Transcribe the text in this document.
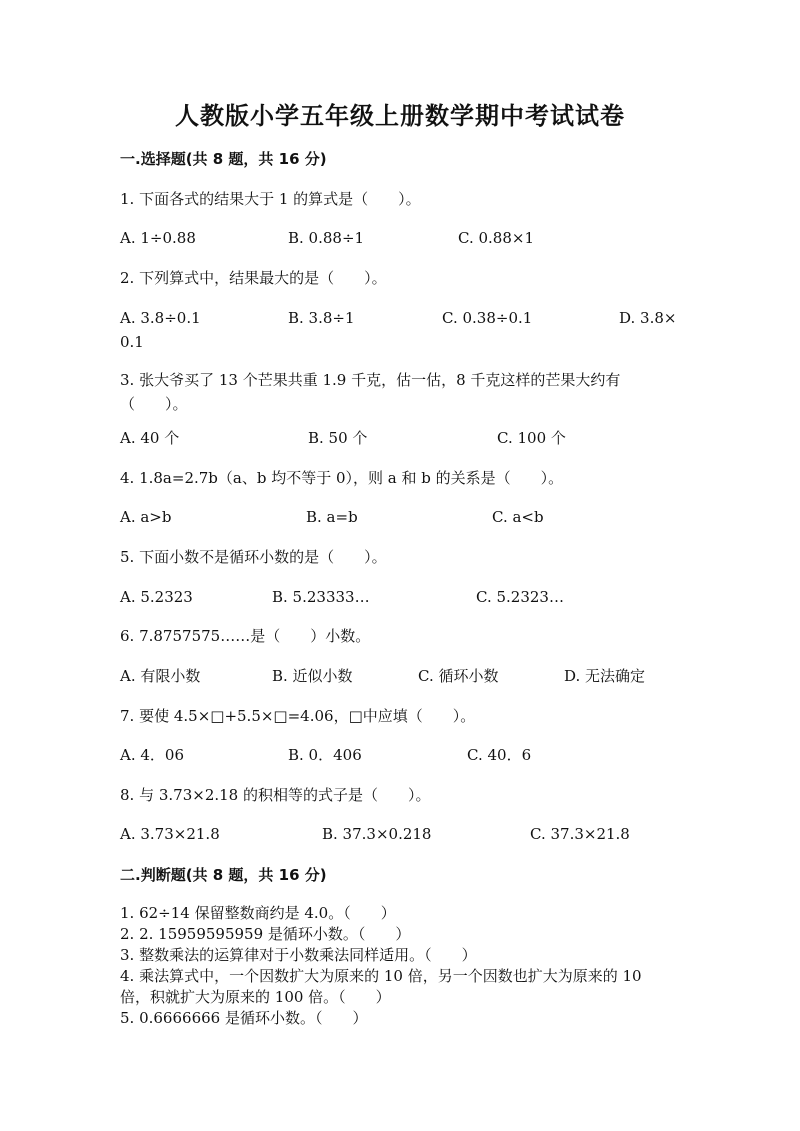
人教版小学五年级上册数学期中考试试卷

一.选择题(共 8 题，共 16 分)

1. 下面各式的结果大于 1 的算式是（　　）。

A. 1÷0.88	B. 0.88÷1	C. 0.88×1

2. 下列算式中，结果最大的是（　　）。

A. 3.8÷0.1	B. 3.8÷1	C. 0.38÷0.1	D. 3.8×
0.1

3. 张大爷买了 13 个芒果共重 1.9 千克，估一估，8 千克这样的芒果大约有

（　　）。

A. 40 个	B. 50 个	C. 100 个

4. 1.8a=2.7b（a、b 均不等于 0），则 a 和 b 的关系是（　　）。

A. a>b	B. a=b	C. a<b

5. 下面小数不是循环小数的是（　　）。

A. 5.2323	B. 5.23333…	C. 5.2323…

6. 7.8757575……是（　　）小数。

A. 有限小数	B. 近似小数	C. 循环小数	D. 无法确定

7. 要使 4.5×□+5.5×□=4.06，□中应填（　　）。

A. 4．06	B. 0．406	C. 40．6

8. 与 3.73×2.18 的积相等的式子是（　　）。

A. 3.73×21.8	B. 37.3×0.218	C. 37.3×21.8

二.判断题(共 8 题，共 16 分)

1. 62÷14 保留整数商约是 4.0。（　　）

2. 2. 15959595959 是循环小数。（　　）

3. 整数乘法的运算律对于小数乘法同样适用。（　　）

4. 乘法算式中，一个因数扩大为原来的 10 倍，另一个因数也扩大为原来的 10

倍，积就扩大为原来的 100 倍。（　　）

5. 0.6666666 是循环小数。（　　）
